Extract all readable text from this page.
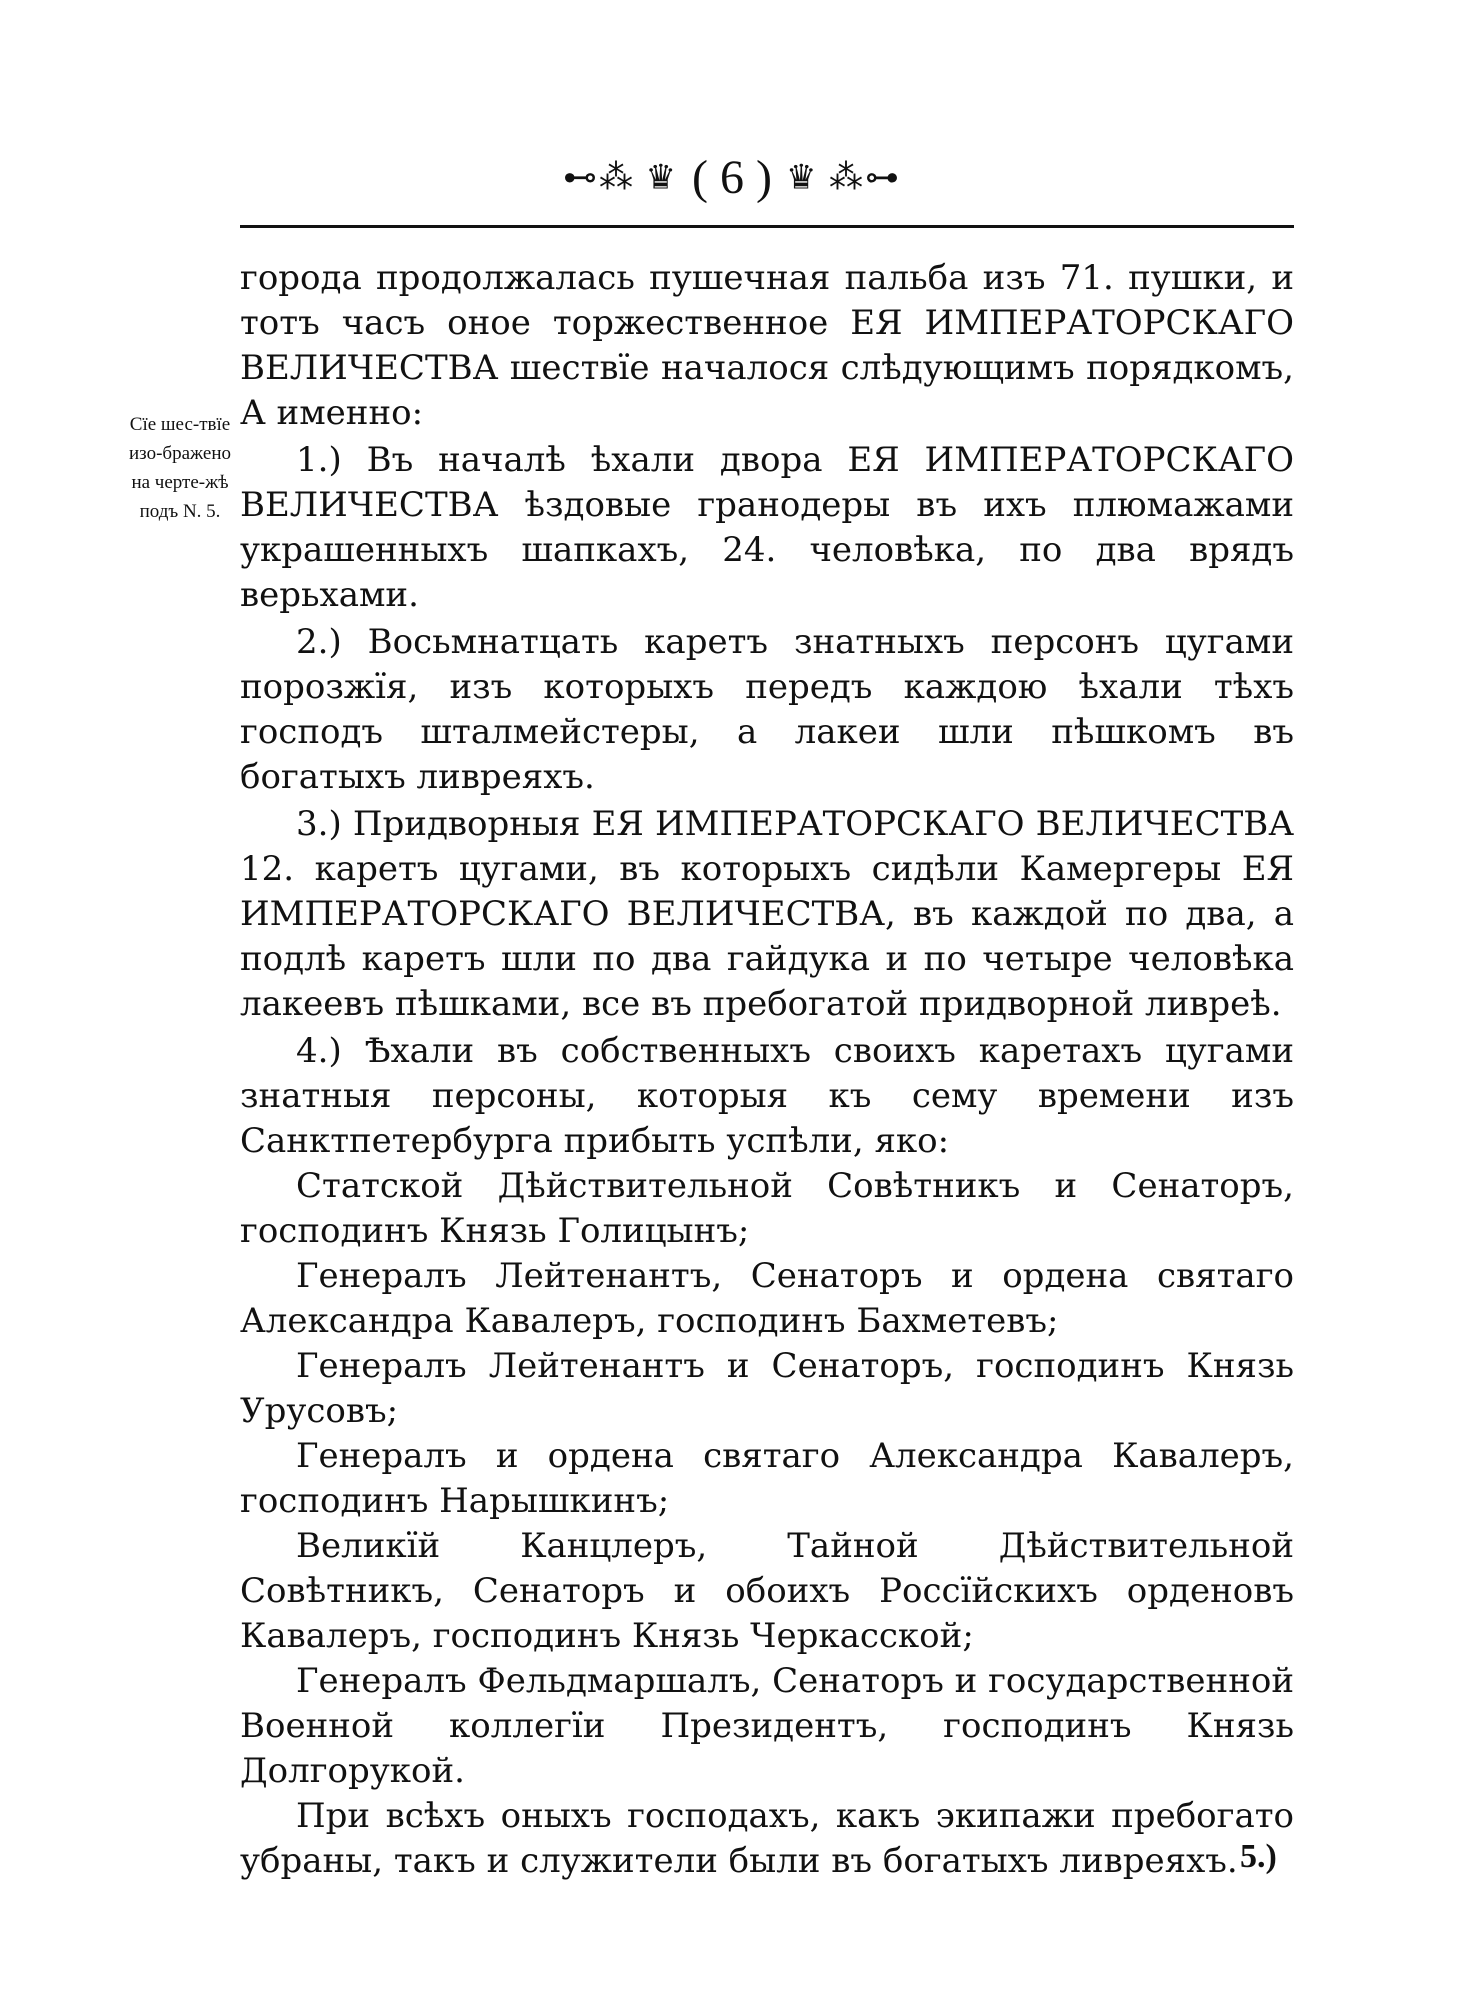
⊷⁂ ♛ ( 6 ) ♛ ⁂⊶
Сïе шес-твïе изо-бражено на черте-жѣ подъ N. 5.

города продолжалась пушечная пальба изъ 71. пушки, и тотъ часъ оное торжественное ЕЯ ИМПЕРАТОРСКАГО ВЕЛИЧЕСТВА шествïе началося слѣдующимъ порядкомъ, А именно:

1.) Въ началѣ ѣхали двора ЕЯ ИМПЕРАТОРСКАГО ВЕЛИЧЕСТВА ѣздовые гранодеры въ ихъ плюмажами украшенныхъ шапкахъ, 24. человѣка, по два врядъ верьхами.

2.) Восьмнатцать каретъ знатныхъ персонъ цугами порозжïя, изъ которыхъ передъ каждою ѣхали тѣхъ господъ шталмейстеры, а лакеи шли пѣшкомъ въ богатыхъ ливреяхъ.

3.) Придворныя ЕЯ ИМПЕРАТОРСКАГО ВЕЛИЧЕСТВА 12. каретъ цугами, въ которыхъ сидѣли Камергеры ЕЯ ИМПЕРАТОРСКАГО ВЕЛИЧЕСТВА, въ каждой по два, а подлѣ каретъ шли по два гайдука и по четыре человѣка лакеевъ пѣшками, все въ пребогатой придворной ливреѣ.

4.) Ѣхали въ собственныхъ своихъ каретахъ цугами знатныя персоны, которыя къ сему времени изъ Санктпетербурга прибыть успѣли, яко:

Статской Дѣйствительной Совѣтникъ и Сенаторъ, господинъ Князь Голицынъ;

Генералъ Лейтенантъ, Сенаторъ и ордена святаго Александра Кавалеръ, господинъ Бахметевъ;

Генералъ Лейтенантъ и Сенаторъ, господинъ Князь Урусовъ;

Генералъ и ордена святаго Александра Кавалеръ, господинъ Нарышкинъ;

Великïй Канцлеръ, Тайной Дѣйствительной Совѣтникъ, Сенаторъ и обоихъ Россïйскихъ орденовъ Кавалеръ, господинъ Князь Черкасской;

Генералъ Фельдмаршалъ, Сенаторъ и государственной Военной коллегïи Президентъ, господинъ Князь Долгорукой.

При всѣхъ оныхъ господахъ, какъ экипажи пребогато убраны, такъ и служители были въ богатыхъ ливреяхъ. 5.)
